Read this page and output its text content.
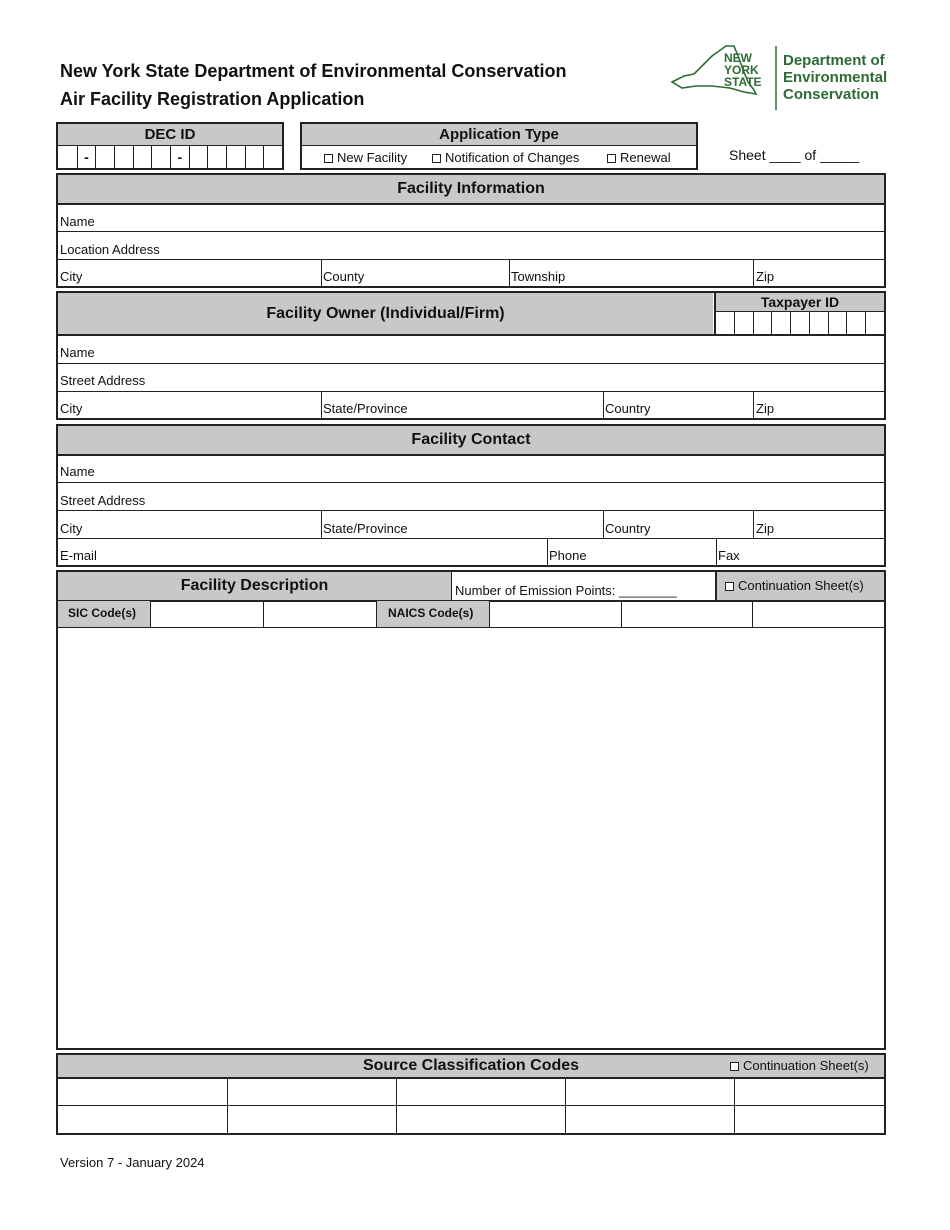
New York State Department of Environmental Conservation
Air Facility Registration Application
NEW
YORK
STATE
Department of
Environmental
Conservation
DEC ID
-	-
Application Type
New Facility	Notification of Changes	Renewal	Sheet ____ of _____
Facility Information
Name
Location Address
City	County	Township	Zip
Facility Owner (Individual/Firm)
Taxpayer ID
Name
Street Address
City	State/Province	Country	Zip
Facility Contact
Name
Street Address
City	State/Province	Country	Zip
E-mail	Phone	Fax
Facility Description	Number of Emission Points: ________	Continuation Sheet(s)
SIC Code(s)	NAICS Code(s)
Source Classification Codes	Continuation Sheet(s)
Version 7 - January 2024
